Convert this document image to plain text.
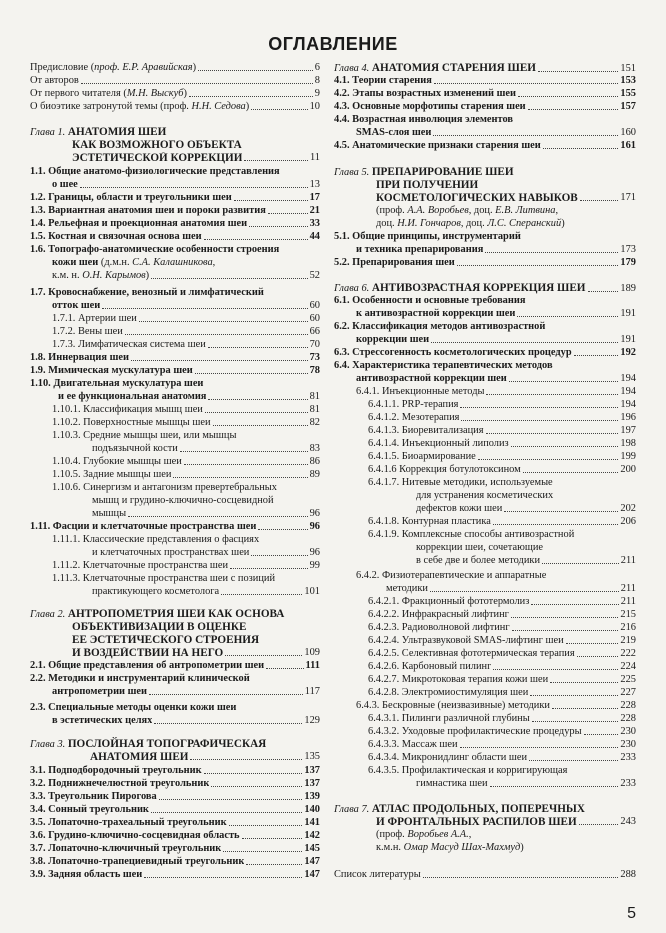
ОГЛАВЛЕНИЕ
Предисловие (проф. Е.Р. Аравийская)	6
От авторов	8
От первого читателя (М.Н. Выскуб)	9
О биоэтике затронутой темы (проф. Н.Н. Седова)	10
Глава 1. АНАТОМИЯ ШЕИ
КАК ВОЗМОЖНОГО ОБЪЕКТА
ЭСТЕТИЧЕСКОЙ КОРРЕКЦИИ	11
1.1. Общие анатомо-физиологические представления
о шее	13
1.2. Границы, области и треугольники шеи	17
1.3. Вариантная анатомия шеи и пороки развития	21
1.4. Рельефная и проекционная анатомия шеи	33
1.5. Костная и связочная основа шеи	44
1.6. Топографо-анатомические особенности строения
кожи шеи (д.м.н. С.А. Калашникова,
к.м. н. О.Н. Карымов)	52
1.7. Кровоснабжение, венозный и лимфатический
отток шеи	60
1.7.1. Артерии шеи	60
1.7.2. Вены шеи	66
1.7.3. Лимфатическая система шеи	70
1.8. Иннервация шеи	73
1.9. Мимическая мускулатура шеи	78
1.10. Двигательная мускулатура шеи
и ее функциональная анатомия	81
1.10.1. Классификация мышц шеи	81
1.10.2. Поверхностные мышцы шеи	82
1.10.3. Средние мышцы шеи, или мышцы
подъязычной кости	83
1.10.4. Глубокие мышцы шеи	86
1.10.5. Задние мышцы шеи	89
1.10.6. Синергизм и антагонизм превертебральных
мышц и грудино-ключично-сосцевидной
мышцы	96
1.11. Фасции и клетчаточные пространства шеи	96
1.11.1. Классические представления о фасциях
и клетчаточных пространствах шеи	96
1.11.2. Клетчаточные пространства шеи	99
1.11.3. Клетчаточные пространства шеи с позиций
практикующего косметолога	101
Глава 2. АНТРОПОМЕТРИЯ ШЕИ КАК ОСНОВА
ОБЪЕКТИВИЗАЦИИ В ОЦЕНКЕ
ЕЕ ЭСТЕТИЧЕСКОГО СТРОЕНИЯ
И ВОЗДЕЙСТВИИ НА НЕГО	109
2.1. Общие представления об антропометрии шеи	111
2.2. Методики и инструментарий клинической
антропометрии шеи	117
2.3. Специальные методы оценки кожи шеи
в эстетических целях	129
Глава 3. ПОСЛОЙНАЯ ТОПОГРАФИЧЕСКАЯ
АНАТОМИЯ ШЕИ	135
3.1. Подподбородочный треугольник	137
3.2. Поднижнечелюстной треугольник	137
3.3. Треугольник Пирогова	139
3.4. Сонный треугольник	140
3.5. Лопаточно-трахеальный треугольник	141
3.6. Грудино-ключично-сосцевидная область	142
3.7. Лопаточно-ключичный треугольник	145
3.8. Лопаточно-трапециевидный треугольник	147
3.9. Задняя область шеи	147
Глава 4. АНАТОМИЯ СТАРЕНИЯ ШЕИ	151
4.1. Теории старения	153
4.2. Этапы возрастных изменений шеи	155
4.3. Основные морфотипы старения шеи	157
4.4. Возрастная инволюция элементов
SMAS-слоя шеи	160
4.5. Анатомические признаки старения шеи	161
Глава 5. ПРЕПАРИРОВАНИЕ ШЕИ
ПРИ ПОЛУЧЕНИИ
КОСМЕТОЛОГИЧЕСКИХ НАВЫКОВ	171
(проф. А.А. Воробьев, доц. Е.В. Литвина,
доц. Н.И. Гончаров, доц. Л.С. Сперанский)
5.1. Общие принципы, инструментарий
и техника препарирования	173
5.2. Препарирования шеи	179
Глава 6. АНТИВОЗРАСТНАЯ КОРРЕКЦИЯ ШЕИ	189
6.1. Особенности и основные требования
к антивозрастной коррекции шеи	191
6.2. Классификация методов антивозрастной
коррекции шеи	191
6.3. Стрессогенность косметологических процедур	192
6.4. Характеристика терапевтических методов
антивозрастной коррекции шеи	194
6.4.1. Инъекционные методы	194
6.4.1.1. PRP-терапия	194
6.4.1.2. Мезотерапия	196
6.4.1.3. Биоревитализация	197
6.4.1.4. Инъекционный липолиз	198
6.4.1.5. Биоармирование	199
6.4.1.6 Коррекция ботулотоксином	200
6.4.1.7. Нитевые методики, используемые
для устранения косметических
дефектов кожи шеи	202
6.4.1.8. Контурная пластика	206
6.4.1.9. Комплексные способы антивозрастной
коррекции шеи, сочетающие
в себе две и более методики	211
6.4.2. Физиотерапевтические и аппаратные
методики	211
6.4.2.1. Фракционный фототермолиз	211
6.4.2.2. Инфракрасный лифтинг	215
6.4.2.3. Радиоволновой лифтинг	216
6.4.2.4. Ультразвуковой SMAS-лифтинг шеи	219
6.4.2.5. Селективная фототермическая терапия	222
6.4.2.6. Карбоновый пилинг	224
6.4.2.7. Микротоковая терапия кожи шеи	225
6.4.2.8. Электромиостимуляция шеи	227
6.4.3. Бескровные (неизвазивные) методики	228
6.4.3.1. Пилинги различной глубины	228
6.4.3.2. Уходовые профилактические процедуры	230
6.4.3.3. Массаж шеи	230
6.4.3.4. Микронидлинг области шеи	233
6.4.3.5. Профилактическая и корригирующая
гимнастика шеи	233
Глава 7. АТЛАС ПРОДОЛЬНЫХ, ПОПЕРЕЧНЫХ
И ФРОНТАЛЬНЫХ РАСПИЛОВ ШЕИ	243
(проф. Воробьев А.А.,
к.м.н. Омар Масуд Шах-Махмуд)
Список литературы	288
5
